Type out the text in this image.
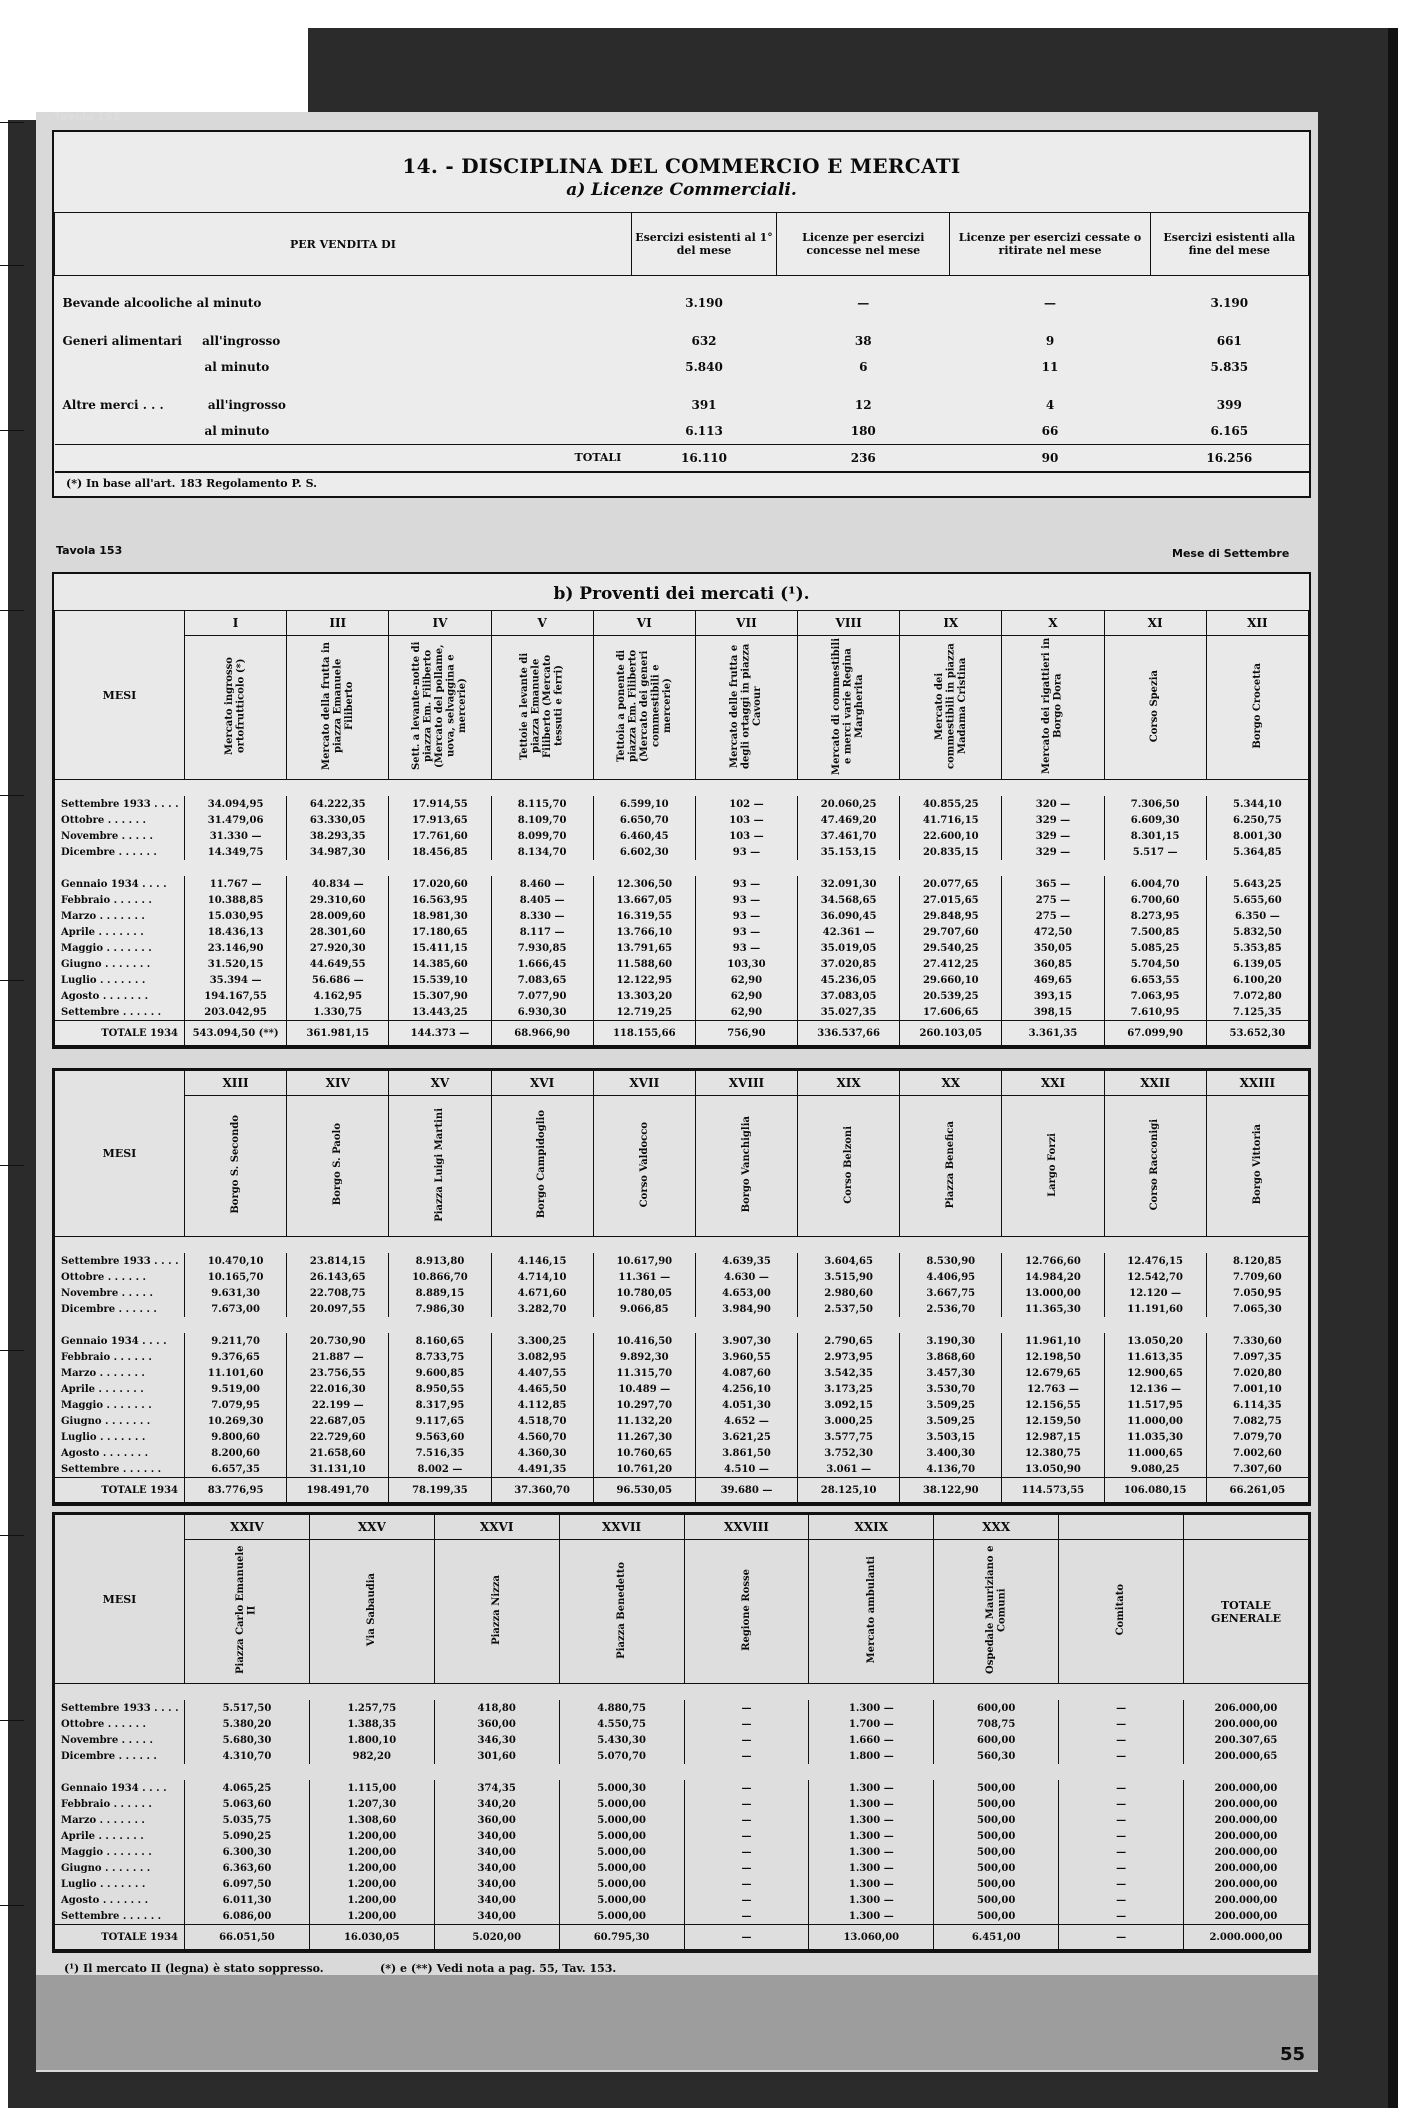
Tavola 152
14. - DISCIPLINA DEL COMMERCIO E MERCATI
a) Licenze Commerciali.
PER VENDITA DI	Esercizi esistenti al 1° del mese	Licenze per esercizi concesse nel mese	Licenze per esercizi cessate o ritirate nel mese	Esercizi esistenti alla fine del mese

Bevande alcooliche al minuto	3.190	—	—	3.190

Generi alimentari all'ingrosso	632	38	9	661
al minuto	5.840	6	11	5.835

Altre merci . . . all'ingrosso	391	12	4	399
al minuto	6.113	180	66	6.165
TOTALI	16.110	236	90	16.256
(*) In base all'art. 183 Regolamento P. S.
Tavola 153	Mese di Settembre
b) Proventi dei mercati (¹).
MESI	I	III	IV	V	VI	VII	VIII	IX	X	XI	XII
	Mercato ingrosso ortofrutticolo (*)	Mercato della frutta in piazza Emanuele Filiberto	Sett. a levante-notte di piazza Em. Filiberto (Mercato del pollame, uova, selvaggina e mercerie)	Tettoie a levante di piazza Emanuele Filiberto (Mercato tessuti e ferri)	Tettoia a ponente di piazza Em. Filiberto (Mercato dei generi commestibili e mercerie)	Mercato delle frutta e degli ortaggi in piazza Cavour	Mercato di commestibili e merci varie Regina Margherita	Mercato dei commestibili in piazza Madama Cristina	Mercato dei rigattieri in Borgo Dora	Corso Spezia	Borgo Crocetta

Settembre 1933 . . . .	34.094,95	64.222,35	17.914,55	8.115,70	6.599,10	102 —	20.060,25	40.855,25	320 —	7.306,50	5.344,10
Ottobre . . . . . .	31.479,06	63.330,05	17.913,65	8.109,70	6.650,70	103 —	47.469,20	41.716,15	329 —	6.609,30	6.250,75
Novembre . . . . .	31.330 —	38.293,35	17.761,60	8.099,70	6.460,45	103 —	37.461,70	22.600,10	329 —	8.301,15	8.001,30
Dicembre . . . . . .	14.349,75	34.987,30	18.456,85	8.134,70	6.602,30	93 —	35.153,15	20.835,15	329 —	5.517 —	5.364,85

Gennaio 1934 . . . .	11.767 —	40.834 —	17.020,60	8.460 —	12.306,50	93 —	32.091,30	20.077,65	365 —	6.004,70	5.643,25
Febbraio . . . . . .	10.388,85	29.310,60	16.563,95	8.405 —	13.667,05	93 —	34.568,65	27.015,65	275 —	6.700,60	5.655,60
Marzo . . . . . . .	15.030,95	28.009,60	18.981,30	8.330 —	16.319,55	93 —	36.090,45	29.848,95	275 —	8.273,95	6.350 —
Aprile . . . . . . .	18.436,13	28.301,60	17.180,65	8.117 —	13.766,10	93 —	42.361 —	29.707,60	472,50	7.500,85	5.832,50
Maggio . . . . . . .	23.146,90	27.920,30	15.411,15	7.930,85	13.791,65	93 —	35.019,05	29.540,25	350,05	5.085,25	5.353,85
Giugno . . . . . . .	31.520,15	44.649,55	14.385,60	1.666,45	11.588,60	103,30	37.020,85	27.412,25	360,85	5.704,50	6.139,05
Luglio . . . . . . .	35.394 —	56.686 —	15.539,10	7.083,65	12.122,95	62,90	45.236,05	29.660,10	469,65	6.653,55	6.100,20
Agosto . . . . . . .	194.167,55	4.162,95	15.307,90	7.077,90	13.303,20	62,90	37.083,05	20.539,25	393,15	7.063,95	7.072,80
Settembre . . . . . .	203.042,95	1.330,75	13.443,25	6.930,30	12.719,25	62,90	35.027,35	17.606,65	398,15	7.610,95	7.125,35
TOTALE 1934	543.094,50 (**)	361.981,15	144.373 —	68.966,90	118.155,66	756,90	336.537,66	260.103,05	3.361,35	67.099,90	53.652,30
MESI	XIII	XIV	XV	XVI	XVII	XVIII	XIX	XX	XXI	XXII	XXIII
	Borgo S. Secondo	Borgo S. Paolo	Piazza Luigi Martini	Borgo Campidoglio	Corso Valdocco	Borgo Vanchiglia	Corso Belzoni	Piazza Benefica	Largo Forzi	Corso Racconigi	Borgo Vittoria

Settembre 1933 . . . .	10.470,10	23.814,15	8.913,80	4.146,15	10.617,90	4.639,35	3.604,65	8.530,90	12.766,60	12.476,15	8.120,85
Ottobre . . . . . .	10.165,70	26.143,65	10.866,70	4.714,10	11.361 —	4.630 —	3.515,90	4.406,95	14.984,20	12.542,70	7.709,60
Novembre . . . . .	9.631,30	22.708,75	8.889,15	4.671,60	10.780,05	4.653,00	2.980,60	3.667,75	13.000,00	12.120 —	7.050,95
Dicembre . . . . . .	7.673,00	20.097,55	7.986,30	3.282,70	9.066,85	3.984,90	2.537,50	2.536,70	11.365,30	11.191,60	7.065,30

Gennaio 1934 . . . .	9.211,70	20.730,90	8.160,65	3.300,25	10.416,50	3.907,30	2.790,65	3.190,30	11.961,10	13.050,20	7.330,60
Febbraio . . . . . .	9.376,65	21.887 —	8.733,75	3.082,95	9.892,30	3.960,55	2.973,95	3.868,60	12.198,50	11.613,35	7.097,35
Marzo . . . . . . .	11.101,60	23.756,55	9.600,85	4.407,55	11.315,70	4.087,60	3.542,35	3.457,30	12.679,65	12.900,65	7.020,80
Aprile . . . . . . .	9.519,00	22.016,30	8.950,55	4.465,50	10.489 —	4.256,10	3.173,25	3.530,70	12.763 —	12.136 —	7.001,10
Maggio . . . . . . .	7.079,95	22.199 —	8.317,95	4.112,85	10.297,70	4.051,30	3.092,15	3.509,25	12.156,55	11.517,95	6.114,35
Giugno . . . . . . .	10.269,30	22.687,05	9.117,65	4.518,70	11.132,20	4.652 —	3.000,25	3.509,25	12.159,50	11.000,00	7.082,75
Luglio . . . . . . .	9.800,60	22.729,60	9.563,60	4.560,70	11.267,30	3.621,25	3.577,75	3.503,15	12.987,15	11.035,30	7.079,70
Agosto . . . . . . .	8.200,60	21.658,60	7.516,35	4.360,30	10.760,65	3.861,50	3.752,30	3.400,30	12.380,75	11.000,65	7.002,60
Settembre . . . . . .	6.657,35	31.131,10	8.002 —	4.491,35	10.761,20	4.510 —	3.061 —	4.136,70	13.050,90	9.080,25	7.307,60
TOTALE 1934	83.776,95	198.491,70	78.199,35	37.360,70	96.530,05	39.680 —	28.125,10	38.122,90	114.573,55	106.080,15	66.261,05
MESI	XXIV	XXV	XXVI	XXVII	XXVIII	XXIX	XXX		
	Piazza Carlo Emanuele II	Via Sabaudia	Piazza Nizza	Piazza Benedetto	Regione Rosse	Mercato ambulanti	Ospedale Mauriziano e Comuni	Comitato	TOTALE GENERALE

Settembre 1933 . . . .	5.517,50	1.257,75	418,80	4.880,75	—	1.300 —	600,00	—	206.000,00
Ottobre . . . . . .	5.380,20	1.388,35	360,00	4.550,75	—	1.700 —	708,75	—	200.000,00
Novembre . . . . .	5.680,30	1.800,10	346,30	5.430,30	—	1.660 —	600,00	—	200.307,65
Dicembre . . . . . .	4.310,70	982,20	301,60	5.070,70	—	1.800 —	560,30	—	200.000,65

Gennaio 1934 . . . .	4.065,25	1.115,00	374,35	5.000,30	—	1.300 —	500,00	—	200.000,00
Febbraio . . . . . .	5.063,60	1.207,30	340,20	5.000,00	—	1.300 —	500,00	—	200.000,00
Marzo . . . . . . .	5.035,75	1.308,60	360,00	5.000,00	—	1.300 —	500,00	—	200.000,00
Aprile . . . . . . .	5.090,25	1.200,00	340,00	5.000,00	—	1.300 —	500,00	—	200.000,00
Maggio . . . . . . .	6.300,30	1.200,00	340,00	5.000,00	—	1.300 —	500,00	—	200.000,00
Giugno . . . . . . .	6.363,60	1.200,00	340,00	5.000,00	—	1.300 —	500,00	—	200.000,00
Luglio . . . . . . .	6.097,50	1.200,00	340,00	5.000,00	—	1.300 —	500,00	—	200.000,00
Agosto . . . . . . .	6.011,30	1.200,00	340,00	5.000,00	—	1.300 —	500,00	—	200.000,00
Settembre . . . . . .	6.086,00	1.200,00	340,00	5.000,00	—	1.300 —	500,00	—	200.000,00
TOTALE 1934	66.051,50	16.030,05	5.020,00	60.795,30	—	13.060,00	6.451,00	—	2.000.000,00
(¹) Il mercato II (legna) è stato soppresso.	(*) e (**) Vedi nota a pag. 55, Tav. 153.
55
